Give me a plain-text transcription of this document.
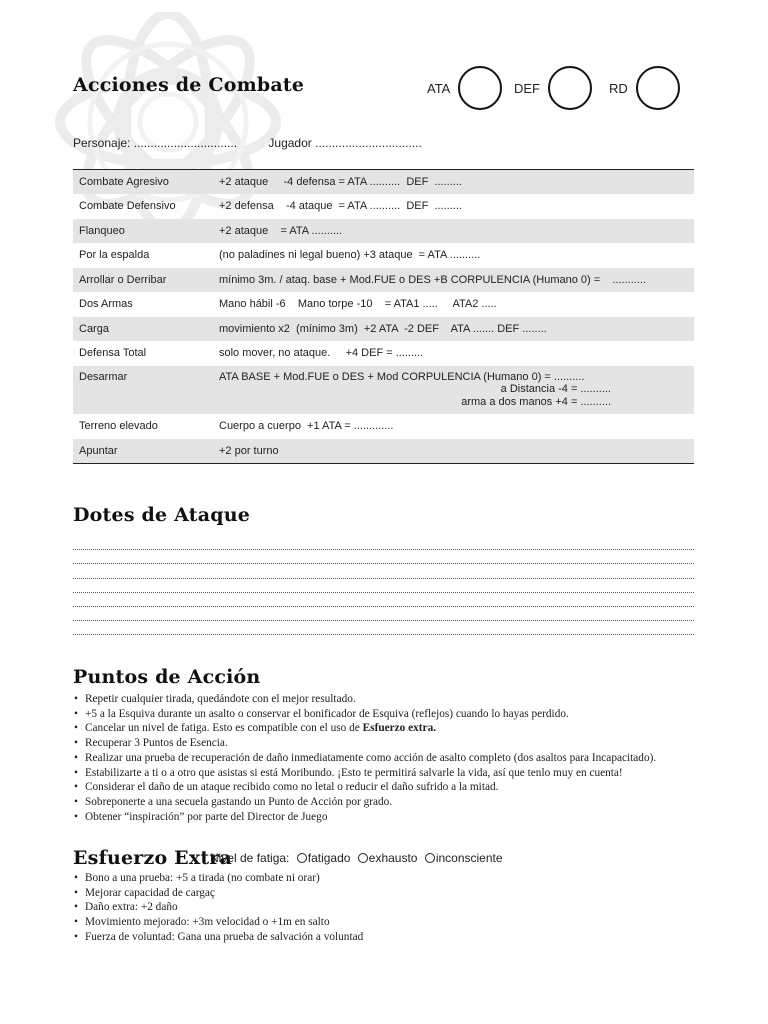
Acciones de Combate	ATA	DEF	RD
Personaje: ...............................	Jugador ................................
Combate Agresivo	+2 ataque     -4 defensa = ATA ..........  DEF  .........
Combate Defensivo	+2 defensa    -4 ataque  = ATA ..........  DEF  .........
Flanqueo	+2 ataque    = ATA ..........
Por la espalda	(no paladines ni legal bueno) +3 ataque  = ATA ..........
Arrollar o Derribar	mínimo 3m. / ataq. base + Mod.FUE o DES +B CORPULENCIA (Humano 0) =    ...........
Dos Armas	Mano hábil -6    Mano torpe -10    = ATA1 .....     ATA2 .....
Carga	movimiento x2  (mínimo 3m)  +2 ATA  -2 DEF    ATA ....... DEF ........
Defensa Total	solo mover, no ataque.     +4 DEF = .........
Desarmar	ATA BASE + Mod.FUE o DES + Mod CORPULENCIA (Humano 0) = ..........
a Distancia -4 = ..........
arma a dos manos +4 = ..........

Terreno elevado	Cuerpo a cuerpo  +1 ATA = .............
Apuntar	+2 por turno
Dotes de Ataque
Puntos de Acción
• Repetir cualquier tirada, quedándote con el mejor resultado.
• +5 a la Esquiva durante un asalto o conservar el bonificador de Esquiva (reflejos) cuando lo hayas perdido.
• Cancelar un nivel de fatiga. Esto es compatible con el uso de Esfuerzo extra.
• Recuperar 3 Puntos de Esencia.
• Realizar una prueba de recuperación de daño inmediatamente como acción de asalto completo (dos asaltos para Incapacitado).
• Estabilizarte a ti o a otro que asistas si está Moribundo. ¡Esto te permitirá salvarle la vida, así que tenlo muy en cuenta!
• Considerar el daño de un ataque recibido como no letal o reducir el daño sufrido a la mitad.
• Sobreponerte a una secuela gastando un Punto de Acción por grado.
• Obtener “inspiración” por parte del Director de Juego
Esfuerzo Extra
Nivel de fatiga: fatigado exhausto inconsciente
• Bono a una prueba: +5 a tirada (no combate ni orar)
• Mejorar capacidad de cargaç
• Daño extra: +2 daño
• Movimiento mejorado: +3m velocidad o +1m en salto
• Fuerza de voluntad: Gana una prueba de salvación a voluntad
